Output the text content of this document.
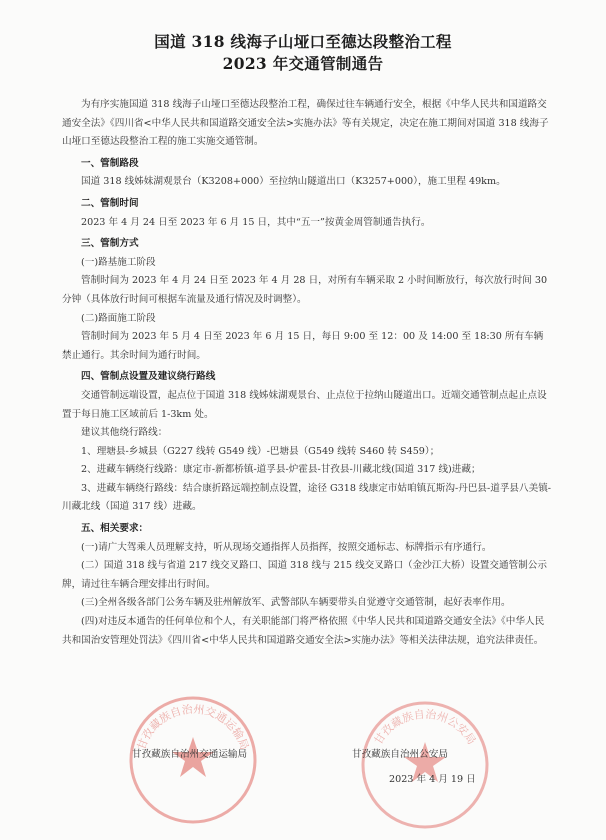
国道 318 线海子山垭口至德达段整治工程
2023 年交通管制通告

为有序实施国道 318 线海子山垭口至德达段整治工程，确保过往车辆通行安全，根据《中华人民共和国道路交通安全法》《四川省<中华人民共和国道路交通安全法>实施办法》等有关规定，决定在施工期间对国道 318 线海子山垭口至德达段整治工程的施工实施交通管制。

一、管制路段

国道 318 线姊妹湖观景台（K3208+000）至拉纳山隧道出口（K3257+000），施工里程 49km。

二、管制时间

2023 年 4 月 24 日至 2023 年 6 月 15 日，其中“五一”按黄金周管制通告执行。

三、管制方式

(一)路基施工阶段

管制时间为 2023 年 4 月 24 日至 2023 年 4 月 28 日，对所有车辆采取 2 小时间断放行，每次放行时间 30 分钟（具体放行时间可根据车流量及通行情况及时调整）。

(二)路面施工阶段

管制时间为 2023 年 5 月 4 日至 2023 年 6 月 15 日，每日 9:00 至 12：00 及 14:00 至 18:30 所有车辆禁止通行。其余时间为通行时间。

四、管制点设置及建议绕行路线

交通管制远端设置，起点位于国道 318 线姊妹湖观景台、止点位于拉纳山隧道出口。近端交通管制点起止点设置于每日施工区域前后 1-3km 处。

建议其他绕行路线：

1、理塘县-乡城县（G227 线转 G549 线）-巴塘县（G549 线转 S460 转 S459）；

2、进藏车辆绕行线路：康定市-新都桥镇-道孚县-炉霍县-甘孜县-川藏北线(国道 317 线)进藏；

3、进藏车辆绕行路线：结合康折路远端控制点设置，途径 G318 线康定市姑咱镇瓦斯沟-丹巴县-道孚县八美镇-川藏北线（国道 317 线）进藏。

五、相关要求：

(一)请广大驾乘人员理解支持，听从现场交通指挥人员指挥，按照交通标志、标牌指示有序通行。

(二）国道 318 线与省道 217 线交叉路口、国道 318 线与 215 线交叉路口（金沙江大桥）设置交通管制公示牌，请过往车辆合理安排出行时间。

(三)全州各级各部门公务车辆及驻州解放军、武警部队车辆要带头自觉遵守交通管制，起好表率作用。

(四)对违反本通告的任何单位和个人，有关职能部门将严格依照《中华人民共和国道路交通安全法》《中华人民共和国治安管理处罚法》《四川省<中华人民共和国道路交通安全法>实施办法》等相关法律法规，追究法律责任。

甘孜藏族自治州交通运输局	甘孜藏族自治州公安局
甘孜藏族自治州交通运输局	甘孜藏族自治州公安局
2023 年 4 月 19 日
